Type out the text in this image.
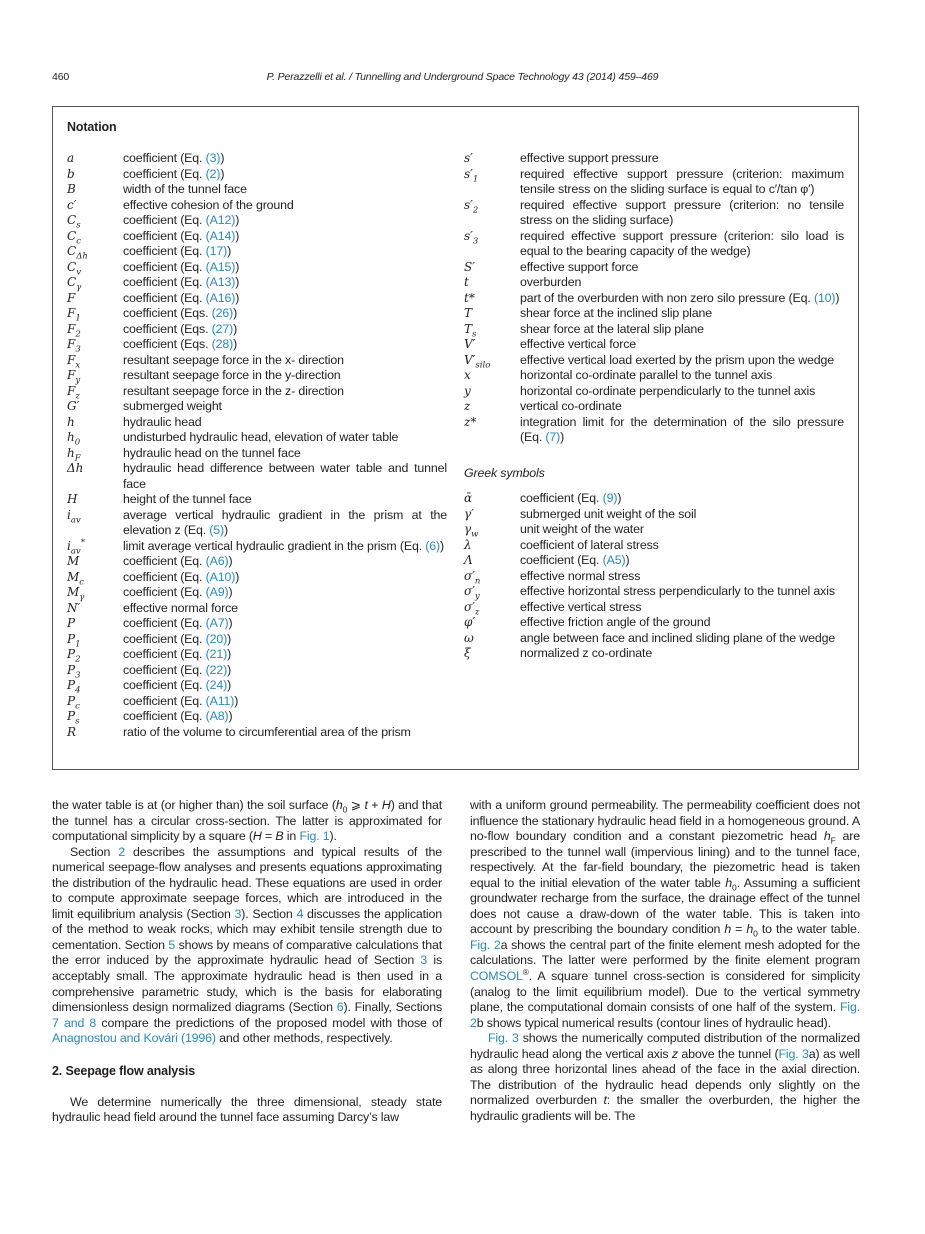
460	P. Perazzelli et al. / Tunnelling and Underground Space Technology 43 (2014) 459–469
Notation
a	coefficient (Eq. (3))
b	coefficient (Eq. (2))
B	width of the tunnel face
c′	effective cohesion of the ground
$C_s$	coefficient (Eq. (A12))
$C_c$	coefficient (Eq. (A14))
$C_{\Delta h}$	coefficient (Eq. (17))
$C_v$	coefficient (Eq. (A15))
$C_\gamma$	coefficient (Eq. (A13))
F	coefficient (Eq. (A16))
$F_1$	coefficient (Eqs. (26))
$F_2$	coefficient (Eqs. (27))
$F_3$	coefficient (Eqs. (28))
$F_x$	resultant seepage force in the x- direction
$F_y$	resultant seepage force in the y-direction
$F_z$	resultant seepage force in the z- direction
G′	submerged weight
h	hydraulic head
$h_0$	undisturbed hydraulic head, elevation of water table
$h_F$	hydraulic head on the tunnel face
Δh	hydraulic head difference between water table and tunnel face
H	height of the tunnel face
$i_{av}$	average vertical hydraulic gradient in the prism at the elevation z (Eq. (5))
$i_{av}^*$	limit average vertical hydraulic gradient in the prism (Eq. (6))
M	coefficient (Eq. (A6))
$M_c$	coefficient (Eq. (A10))
$M_\gamma$	coefficient (Eq. (A9))
N′	effective normal force
P	coefficient (Eq. (A7))
$P_1$	coefficient (Eq. (20))
$P_2$	coefficient (Eq. (21))
$P_3$	coefficient (Eq. (22))
$P_4$	coefficient (Eq. (24))
$P_c$	coefficient (Eq. (A11))
$P_s$	coefficient (Eq. (A8))
R	ratio of the volume to circumferential area of the prism
s′	effective support pressure
$s'_1$	required effective support pressure (criterion: maximum tensile stress on the sliding surface is equal to c′/tan φ′)
$s'_2$	required effective support pressure (criterion: no tensile stress on the sliding surface)
$s'_3$	required effective support pressure (criterion: silo load is equal to the bearing capacity of the wedge)
S′	effective support force
t	overburden
t*	part of the overburden with non zero silo pressure (Eq. (10))
T	shear force at the inclined slip plane
$T_s$	shear force at the lateral slip plane
V′	effective vertical force
$V'_{silo}$	effective vertical load exerted by the prism upon the wedge
x	horizontal co-ordinate parallel to the tunnel axis
y	horizontal co-ordinate perpendicularly to the tunnel axis
z	vertical co-ordinate
z*	integration limit for the determination of the silo pressure (Eq. (7))
Greek symbols
ᾱ	coefficient (Eq. (9))
γ′	submerged unit weight of the soil
$\gamma_w$	unit weight of the water
λ	coefficient of lateral stress
Λ	coefficient (Eq. (A5))
$\sigma'_n$	effective normal stress
$\sigma'_y$	effective horizontal stress perpendicularly to the tunnel axis
$\sigma'_z$	effective vertical stress
φ′	effective friction angle of the ground
ω	angle between face and inclined sliding plane of the wedge
ξ	normalized z co-ordinate

the water table is at (or higher than) the soil surface ($h_0$ ⩾ t + H) and that the tunnel has a circular cross-section. The latter is approximated for computational simplicity by a square (H = B in Fig. 1).

Section 2 describes the assumptions and typical results of the numerical seepage-flow analyses and presents equations approximating the distribution of the hydraulic head. These equations are used in order to compute approximate seepage forces, which are introduced in the limit equilibrium analysis (Section 3). Section 4 discusses the application of the method to weak rocks, which may exhibit tensile strength due to cementation. Section 5 shows by means of comparative calculations that the error induced by the approximate hydraulic head of Section 3 is acceptably small. The approximate hydraulic head is then used in a comprehensive parametric study, which is the basis for elaborating dimensionless design normalized diagrams (Section 6). Finally, Sections 7 and 8 compare the predictions of the proposed model with those of Anagnostou and Kovári (1996) and other methods, respectively.

2. Seepage flow analysis

We determine numerically the three dimensional, steady state hydraulic head field around the tunnel face assuming Darcy’s law

with a uniform ground permeability. The permeability coefficient does not influence the stationary hydraulic head field in a homogeneous ground. A no-flow boundary condition and a constant piezometric head $h_F$ are prescribed to the tunnel wall (impervious lining) and to the tunnel face, respectively. At the far-field boundary, the piezometric head is taken equal to the initial elevation of the water table $h_0$. Assuming a sufficient groundwater recharge from the surface, the drainage effect of the tunnel does not cause a draw-down of the water table. This is taken into account by prescribing the boundary condition $h = h_0$ to the water table. Fig. 2a shows the central part of the finite element mesh adopted for the calculations. The latter were performed by the finite element program COMSOL®. A square tunnel cross-section is considered for simplicity (analog to the limit equilibrium model). Due to the vertical symmetry plane, the computational domain consists of one half of the system. Fig. 2b shows typical numerical results (contour lines of hydraulic head).

Fig. 3 shows the numerically computed distribution of the normalized hydraulic head along the vertical axis z above the tunnel (Fig. 3a) as well as along three horizontal lines ahead of the face in the axial direction. The distribution of the hydraulic head depends only slightly on the normalized overburden t: the smaller the overburden, the higher the hydraulic gradients will be. The
